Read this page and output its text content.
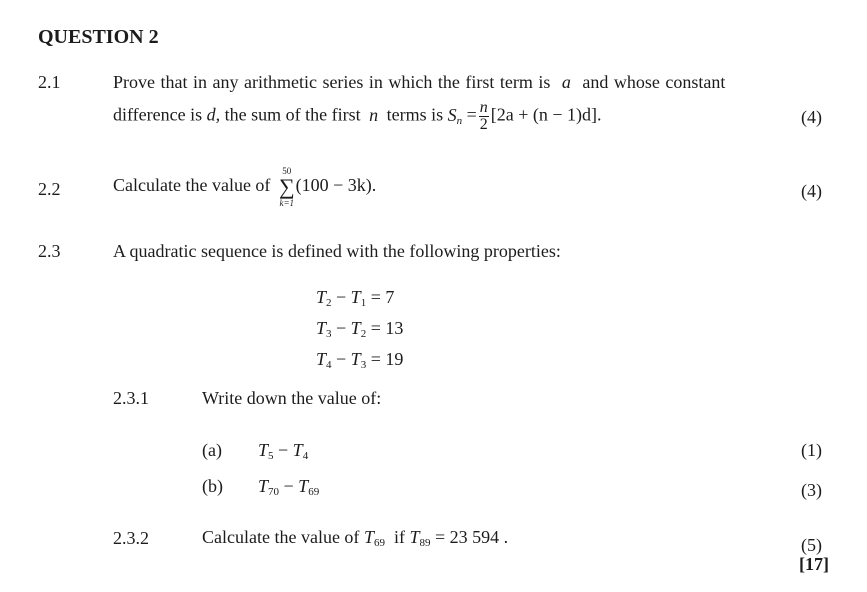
QUESTION 2
2.1	Prove that in any arithmetic series in which the first term is a and whose constant
difference is d, the sum of the first n terms is $S_n = \frac{n}{2} [2a + (n - 1)d]$.	(4)
2.2	Calculate the value of
50
∑
k=1
(100 − 3k).	(4)
2.3	A quadratic sequence is defined with the following properties:
$T_2 - T_1 = 7$
$T_3 - T_2 = 13$
$T_4 - T_3 = 19$
2.3.1	Write down the value of:
(a) $T_5 - T_4$	(1)
(b) $T_{70} - T_{69}$	(3)
2.3.2	Calculate the value of $T_{69}$ if $T_{89} = 23$ 594 .	(5)
[17]
